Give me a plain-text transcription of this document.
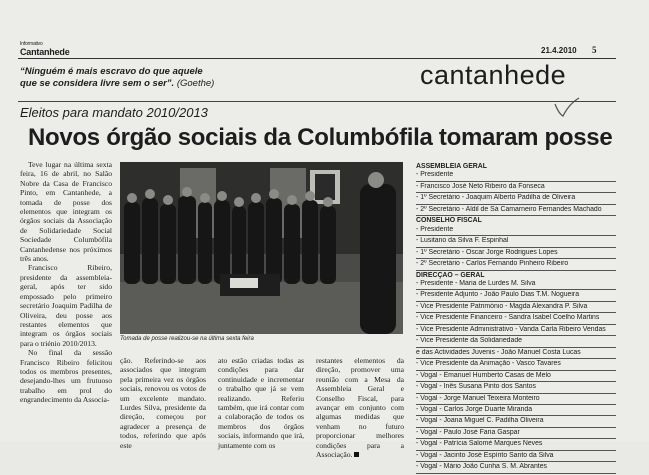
Informativo
Cantanhede	21.4.2010 5
“Ninguém é mais escravo do que aquele
que se considera livre sem o ser”. (Goethe)	cantanhede
Eleitos para mandato 2010/2013
Novos órgão sociais da Columbófila tomaram posse

Teve lugar na última sexta feira, 16 de abril, no Salão Nobre da Casa de Francisco Pinto, em Cantanhede, a tomada de posse dos elementos que integram os órgãos sociais da Associação de Solidariedade Social Sociedade Columbófila Cantanhedense nos próximos três anos.

Francisco Ribeiro, presidente da assembleia-geral, após ter sido empossado pelo primeiro secretário Joaquim Padilha de Oliveira, deu posse aos restantes elementos que integram os órgãos sociais para o triénio 2010/2013.

No final da sessão Francisco Ribeiro felicitou todos os membros presentes, desejando-lhes um frutuoso trabalho em prol do engrandecimento da Associa-

Tomada de posse realizou-se na última sexta feira
ção. Referindo-se aos associados que integram pela primeira vez os órgãos sociais, renovou os votos de um excelente mandato. Lurdes Silva, presidente da direção, começou por agradecer a presença de todos, referindo que após este
ato estão criadas todas as condições para dar continuidade e incrementar o trabalho que já se vem realizando. Referiu também, que irá contar com a colaboração de todos os membros dos órgãos sociais, informando que irá, juntamente com os
restantes elementos da direção, promover uma reunião com a Mesa da Assembleia Geral e Conselho Fiscal, para avançar em conjunto com algumas medidas que venham no futuro proporcionar melhores condições para a Associação.
ASSEMBLEIA GERAL
- Presidente
- Francisco José Neto Ribeiro da Fonseca
- 1º Secretário - Joaquim Alberto Padilha de Oliveira
- 2º Secretário - Aldil de Sá Camarneiro Fernandes Machado
CONSELHO FISCAL
- Presidente
- Lusitano da Silva F. Espinhal
- 1º Secretário - Óscar Jorge Rodrigues Lopes
- 2º Secretário - Carlos Fernando Pinheiro Ribeiro
DIRECÇÃO – GERAL
- Presidente - Maria de Lurdes M. Silva
- Presidente Adjunto - João Paulo Dias T.M. Nogueira
- Vice Presidente Património - Magda Alexandra P. Silva
- Vice Presidente Financeiro - Sandra Isabel Coelho Martins
- Vice Presidente Administrativo - Vanda Carla Ribeiro Vendas
- Vice Presidente da Solidariedade
e das Actividades Juvenis - João Manuel Costa Lucas
- Vice Presidente da Animação - Vasco Tavares
- Vogal - Emanuel Humberto Casas de Melo
- Vogal - Inês Susana Pinto dos Santos
- Vogal - Jorge Manuel Teixeira Monteiro
- Vogal - Carlos Jorge Duarte Miranda
- Vogal - Joana Miguel C. Padilha Oliveira
- Vogal - Paulo José Faria Gaspar
- Vogal - Patrícia Salomé Marques Neves
- Vogal - Jacinto José Espírito Santo da Silva
- Vogal - Mário João Cunha S. M. Abrantes
